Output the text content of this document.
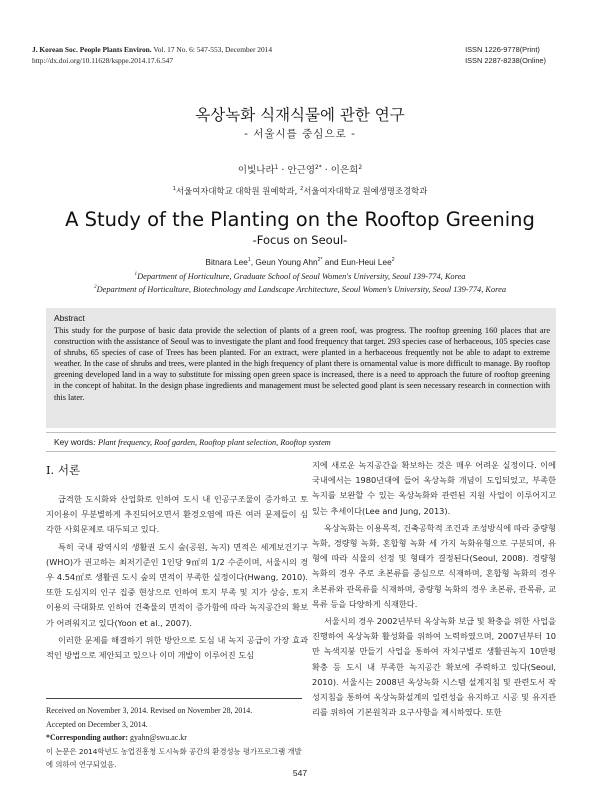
J. Korean Soc. People Plants Environ. Vol. 17 No. 6: 547-553, December 2014
http://dx.doi.org/10.11628/ksppe.2014.17.6.547
ISSN 1226-9778(Print)
ISSN 2287-8238(Online)
옥상녹화 식재식물에 관한 연구
- 서울시를 중심으로 -
이빛나라$^1$ · 안근영$^{2*}$ · 이은희$^2$
$^1$서울여자대학교 대학원 원예학과, $^2$서울여자대학교 원예생명조경학과
A Study of the Planting on the Rooftop Greening
-Focus on Seoul-
Bitnara Lee$^1$, Geun Young Ahn$^{2*}$ and Eun-Heui Lee$^2$
$^1$Department of Horticulture, Graduate School of Seoul Women's University, Seoul 139-774, Korea
$^2$Department of Horticulture, Biotechnology and Landscape Architecture, Seoul Women's University, Seoul 139-774, Korea
Abstract
This study for the purpose of basic data provide the selection of plants of a green roof, was progress. The rooftop greening 160 places that are construction with the assistance of Seoul was to investigate the plant and food frequency that target. 293 species case of herbaceous, 105 species case of shrubs, 65 species of case of Trees has been planted. For an extract, were planted in a herbaceous frequently not be able to adapt to extreme weather. In the case of shrubs and trees, were planted in the high frequency of plant there is ornamental value is more difficult to manage. By rooftop greening developed land in a way to substitute for missing open green space is increased, there is a need to approach the future of rooftop greening in the concept of habitat. In the design phase ingredients and management must be selected good plant is seen necessary research in connection with this later.
Key words: Plant frequency, Roof garden, Rooftop plant selection, Rooftop system
Ⅰ. 서론

급격한 도시화와 산업화로 인하여 도시 내 인공구조물이 증가하고 토지이용이 무분별하게 추진되어오면서 환경오염에 따른 여러 문제들이 심각한 사회문제로 대두되고 있다.

특히 국내 광역시의 생활권 도시 숲(공원, 녹지) 면적은 세계보건기구(WHO)가 권고하는 최저기준인 1인당 9㎡의 1/2 수준이며, 서울시의 경우 4.54㎡로 생활권 도시 숲의 면적이 부족한 실정이다(Hwang, 2010). 또한 도심지의 인구 집중 현상으로 인하여 토지 부족 및 지가 상승, 토지 이용의 극대화로 인하여 건축물의 면적이 증가함에 따라 녹지공간의 확보가 어려워지고 있다(Yoon et al., 2007).

이러한 문제를 해결하기 위한 방안으로 도심 내 녹지 공급이 가장 효과적인 방법으로 제안되고 있으나 이미 개발이 이루어진 도심

지에 새로운 녹지공간을 확보하는 것은 매우 어려운 실정이다. 이에 국내에서는 1980년대에 들어 옥상녹화 개념이 도입되었고, 부족한 녹지를 보완할 수 있는 옥상녹화와 관련된 지원 사업이 이루어지고 있는 추세이다(Lee and Jung, 2013).

옥상녹화는 이용목적, 건축공학적 조건과 조성방식에 따라 중량형 녹화, 경량형 녹화, 혼합형 녹화 세 가지 녹화유형으로 구분되며, 유형에 따라 식물의 선정 및 형태가 결정된다(Seoul, 2008). 경량형 녹화의 경우 주로 초본류를 중심으로 식재하며, 혼합형 녹화의 경우 초본류와 관목류를 식재하며, 중량형 녹화의 경우 초본류, 관목류, 교목류 등을 다양하게 식재한다.

서울시의 경우 2002년부터 옥상녹화 보급 및 확충을 위한 사업을 진행하여 옥상녹화 활성화를 위하여 노력하였으며, 2007년부터 10만 녹색지붕 만들기 사업을 통하여 자치구별로 생활권녹지 10만평 확충 등 도시 내 부족한 녹지공간 확보에 주력하고 있다(Seoul, 2010). 서울시는 2008년 옥상녹화 시스템 설계지침 및 관련도서 작성지침을 통하여 옥상녹화설계의 일련성을 유지하고 시공 및 유지관리를 위하여 기본원칙과 요구사항을 제시하였다. 또한

Received on November 3, 2014. Revised on November 28, 2014.
Accepted on December 3, 2014.
*Corresponding author: gyahn@swu.ac.kr
이 논문은 2014학년도 농업진흥청 도시녹화 공간의 환경성능 평가프로그램 개발에 의하여 연구되었음.
547
